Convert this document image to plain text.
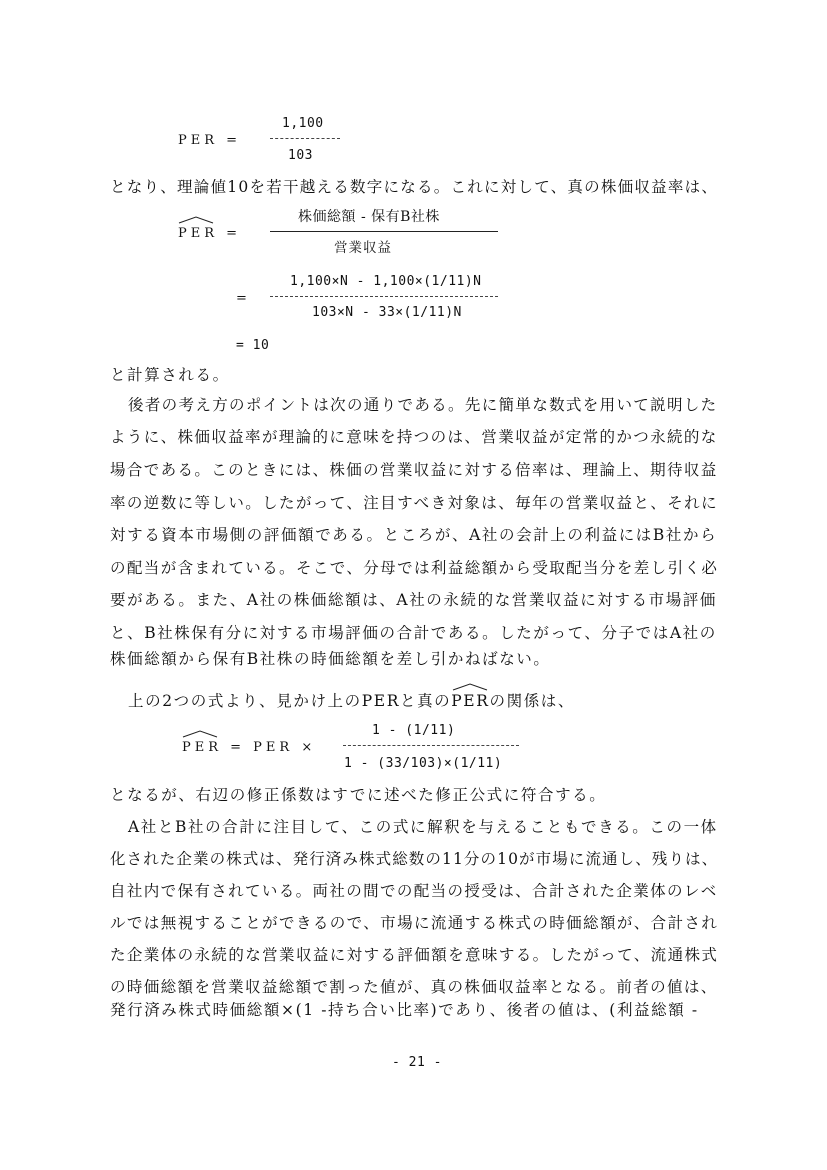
PER =
1,100
103
となり、理論値10を若干越える数字になる。これに対して、真の株価収益率は、
PER =
株価総額 - 保有B社株
営業収益
=
1,100×N - 1,100×(1/11)N
103×N - 33×(1/11)N
= 10
と計算される。
後者の考え方のポイントは次の通りである。先に簡単な数式を用いて説明した
ように、株価収益率が理論的に意味を持つのは、営業収益が定常的かつ永続的な
場合である。このときには、株価の営業収益に対する倍率は、理論上、期待収益
率の逆数に等しい。したがって、注目すべき対象は、毎年の営業収益と、それに
対する資本市場側の評価額である。ところが、A社の会計上の利益にはB社から
の配当が含まれている。そこで、分母では利益総額から受取配当分を差し引く必
要がある。また、A社の株価総額は、A社の永続的な営業収益に対する市場評価
と、B社株保有分に対する市場評価の合計である。したがって、分子ではA社の
株価総額から保有B社株の時価総額を差し引かねばない。
上の2つの式より、見かけ上のPERと真の
PERの関係は、
PER = PER ×
1 - (1/11)
1 - (33/103)×(1/11)
となるが、右辺の修正係数はすでに述べた修正公式に符合する。
A社とB社の合計に注目して、この式に解釈を与えることもできる。この一体
化された企業の株式は、発行済み株式総数の11分の10が市場に流通し、残りは、
自社内で保有されている。両社の間での配当の授受は、合計された企業体のレベ
ルでは無視することができるので、市場に流通する株式の時価総額が、合計され
た企業体の永続的な営業収益に対する評価額を意味する。したがって、流通株式
の時価総額を営業収益総額で割った値が、真の株価収益率となる。前者の値は、
発行済み株式時価総額×(1 -持ち合い比率)であり、後者の値は、(利益総額 -
- 21 -
